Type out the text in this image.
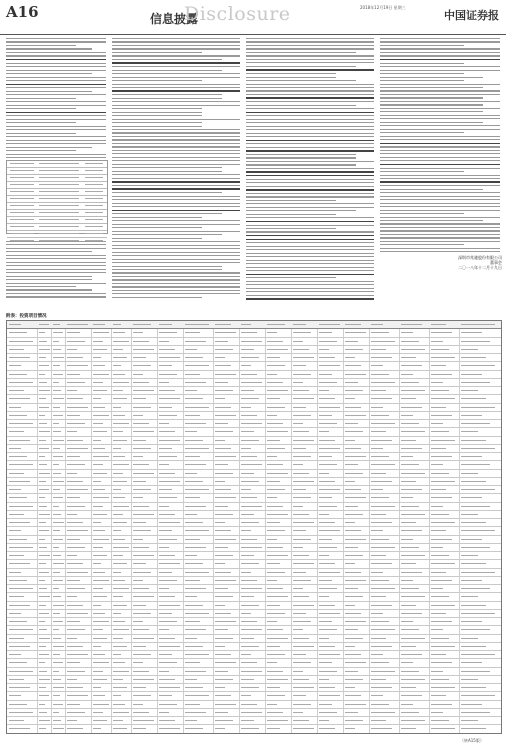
A16	信息披露
Disclosure	2018年12月19日 星期三
中国证券报
深圳市兆驰股份有限公司
董事会
二〇一八年十二月十九日
附表：投资项目情况
（转A15版）
